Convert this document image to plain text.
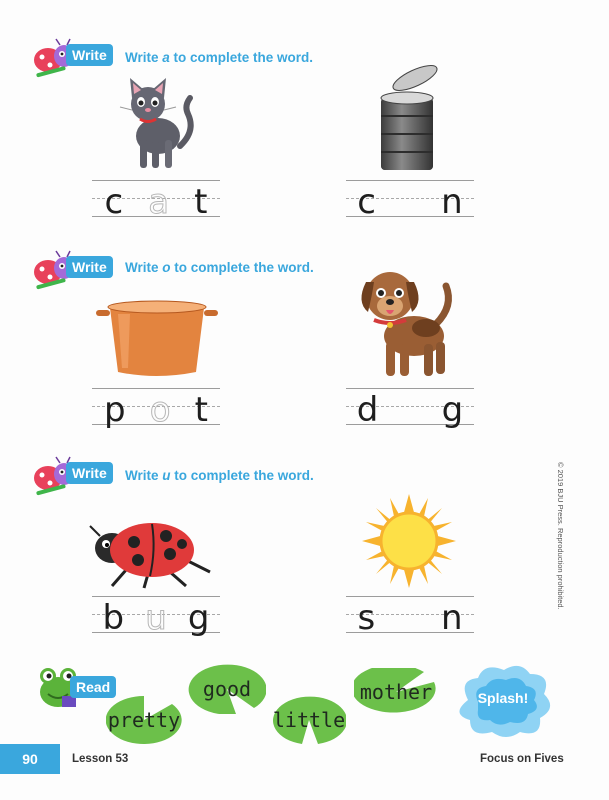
Write	Write a to complete the word.
c a t	c n
Write	Write o to complete the word.
p o t	d g
Write	Write u to complete the word.
b u g	s n
Read
pretty
good
little
mother	Splash!
90	Lesson 53	Focus on Fives
© 2019 BJU Press. Reproduction prohibited.
